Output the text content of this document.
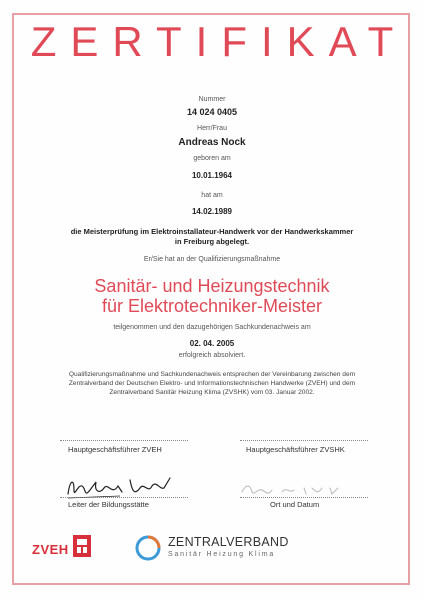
ZERTIFIKAT
Nummer
14 024 0405
Herr/Frau
Andreas Nock
geboren am
10.01.1964
hat am
14.02.1989
die Meisterprüfung im Elektroinstallateur-Handwerk vor der Handwerkskammer
in Freiburg abgelegt.
Er/Sie hat an der Qualifizierungsmaßnahme
Sanitär- und Heizungstechnik
für Elektrotechniker-Meister
teilgenommen und den dazugehörigen Sachkundenachweis am
02. 04. 2005
erfolgreich absolviert.
Qualifizierungsmaßnahme und Sachkundenachweis entsprechen der Vereinbarung zwischen dem
Zentralverband der Deutschen Elektro- und Informationstechnischen Handwerke (ZVEH) und dem
Zentralverband Sanitär Heizung Klima (ZVSHK) vom 03. Januar 2002.
Hauptgeschäftsführer ZVEH	Hauptgeschäftsführer ZVSHK
Leiter der Bildungsstätte	Ort und Datum
ZVEH	ZENTRALVERBAND
Sanitär Heizung Klima
